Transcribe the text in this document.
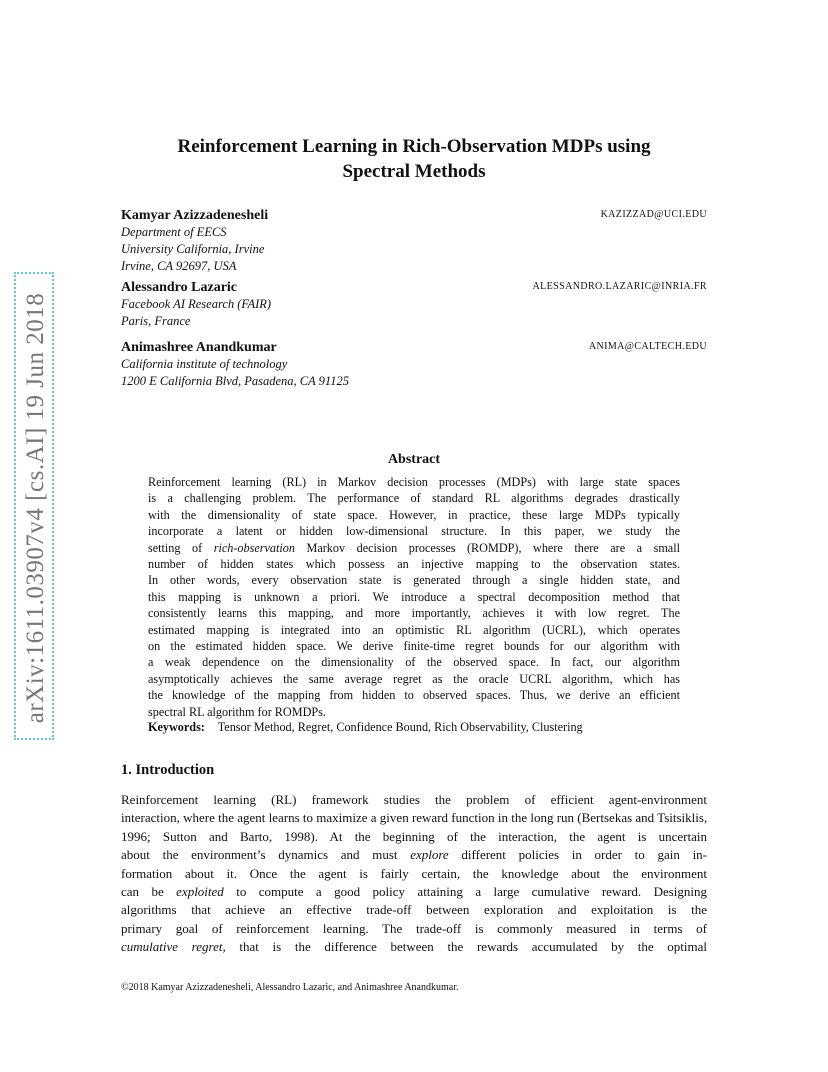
arXiv:1611.03907v4 [cs.AI] 19 Jun 2018
Reinforcement Learning in Rich-Observation MDPs using
Spectral Methods
Kamyar Azizzadenesheli	KAZIZZAD@UCI.EDU
Department of EECS
University California, Irvine
Irvine, CA 92697, USA
Alessandro Lazaric	ALESSANDRO.LAZARIC@INRIA.FR
Facebook AI Research (FAIR)
Paris, France
Animashree Anandkumar	ANIMA@CALTECH.EDU
California institute of technology
1200 E California Blvd, Pasadena, CA 91125
Abstract
Reinforcement learning (RL) in Markov decision processes (MDPs) with large state spaces
is a challenging problem. The performance of standard RL algorithms degrades drastically
with the dimensionality of state space. However, in practice, these large MDPs typically
incorporate a latent or hidden low-dimensional structure. In this paper, we study the
setting of rich-observation Markov decision processes (ROMDP), where there are a small
number of hidden states which possess an injective mapping to the observation states.
In other words, every observation state is generated through a single hidden state, and
this mapping is unknown a priori. We introduce a spectral decomposition method that
consistently learns this mapping, and more importantly, achieves it with low regret. The
estimated mapping is integrated into an optimistic RL algorithm (UCRL), which operates
on the estimated hidden space. We derive finite-time regret bounds for our algorithm with
a weak dependence on the dimensionality of the observed space. In fact, our algorithm
asymptotically achieves the same average regret as the oracle UCRL algorithm, which has
the knowledge of the mapping from hidden to observed spaces. Thus, we derive an efficient
spectral RL algorithm for ROMDPs.
Keywords: Tensor Method, Regret, Confidence Bound, Rich Observability, Clustering
1. Introduction
Reinforcement learning (RL) framework studies the problem of efficient agent-environment
interaction, where the agent learns to maximize a given reward function in the long run (Bertsekas and Tsitsiklis,
1996; Sutton and Barto, 1998). At the beginning of the interaction, the agent is uncertain
about the environment’s dynamics and must explore different policies in order to gain in-
formation about it. Once the agent is fairly certain, the knowledge about the environment
can be exploited to compute a good policy attaining a large cumulative reward. Designing
algorithms that achieve an effective trade-off between exploration and exploitation is the
primary goal of reinforcement learning. The trade-off is commonly measured in terms of
cumulative regret, that is the difference between the rewards accumulated by the optimal
©2018 Kamyar Azizzadenesheli, Alessandro Lazaric, and Animashree Anandkumar.
